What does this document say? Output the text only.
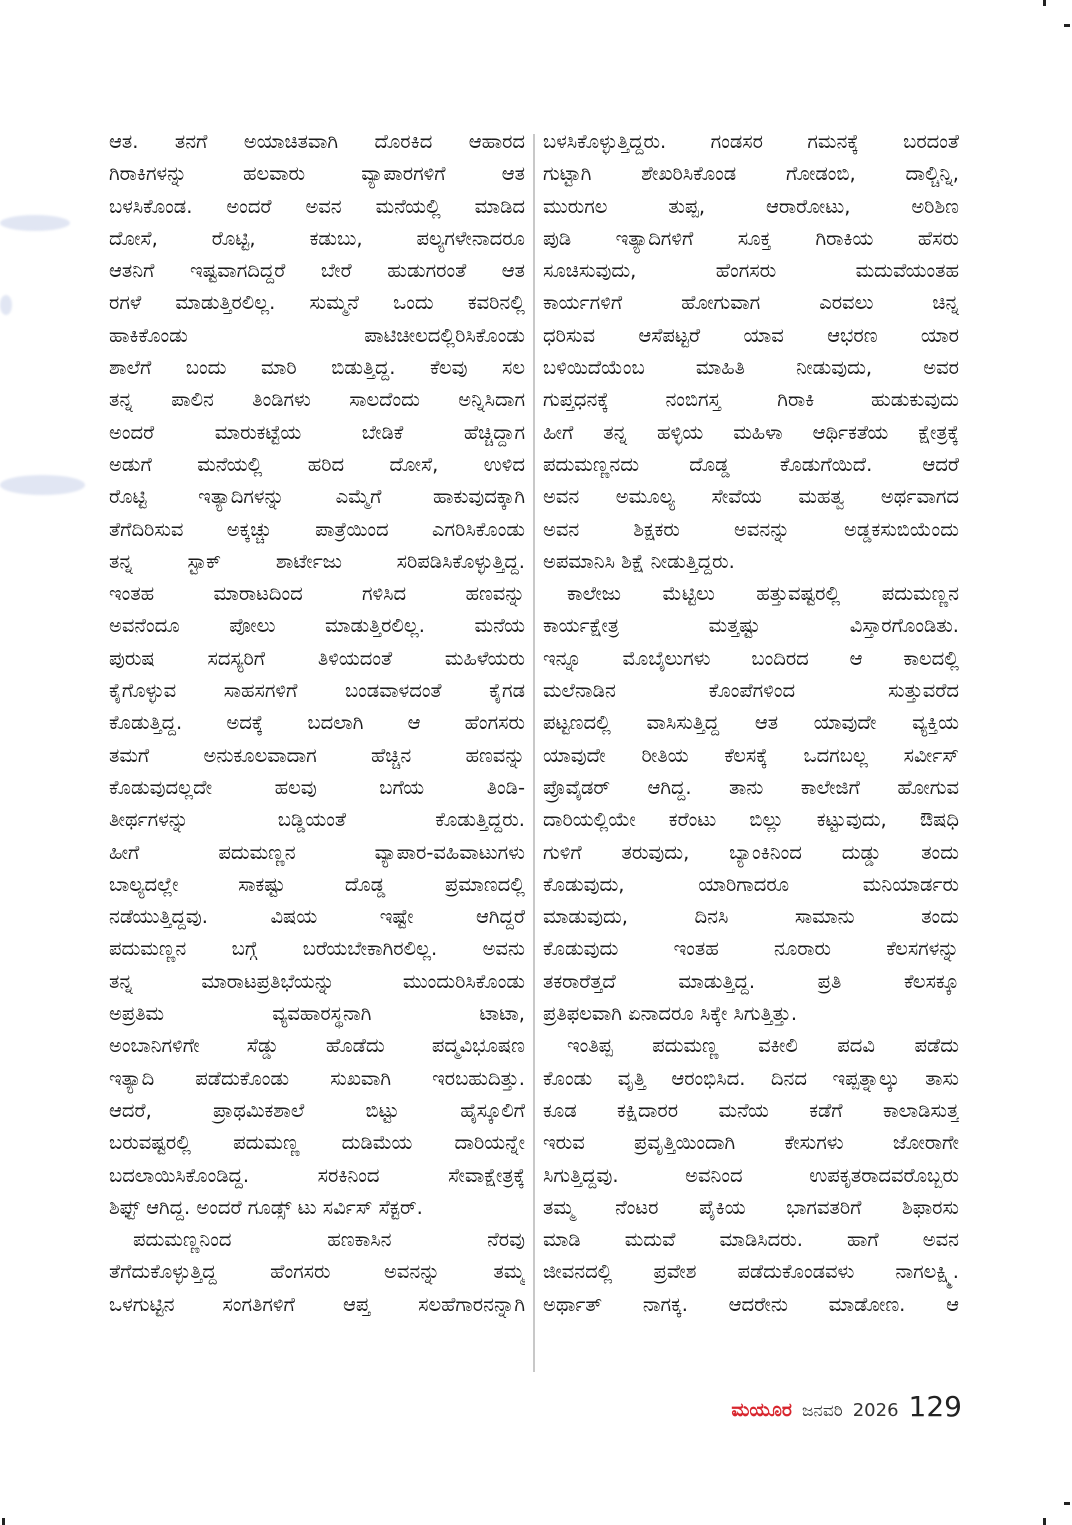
ಆತ. ತನಗೆ ಅಯಾಚಿತವಾಗಿ ದೊರಕಿದ ಆಹಾರದ
ಗಿರಾಕಿಗಳನ್ನು ಹಲವಾರು ವ್ಯಾಪಾರಗಳಿಗೆ ಆತ
ಬಳಸಿಕೊಂಡ. ಅಂದರೆ ಅವನ ಮನೆಯಲ್ಲಿ ಮಾಡಿದ
ದೋಸೆ, ರೊಟ್ಟಿ, ಕಡುಬು, ಪಲ್ಯಗಳೇನಾದರೂ
ಆತನಿಗೆ ಇಷ್ಟವಾಗದಿದ್ದರೆ ಬೇರೆ ಹುಡುಗರಂತೆ ಆತ
ರಗಳೆ ಮಾಡುತ್ತಿರಲಿಲ್ಲ. ಸುಮ್ಮನೆ ಒಂದು ಕವರಿನಲ್ಲಿ
ಹಾಕಿಕೊಂಡು ಪಾಟಿಚೀಲದಲ್ಲಿರಿಸಿಕೊಂಡು
ಶಾಲೆಗೆ ಬಂದು ಮಾರಿ ಬಿಡುತ್ತಿದ್ದ. ಕೆಲವು ಸಲ
ತನ್ನ ಪಾಲಿನ ತಿಂಡಿಗಳು ಸಾಲದೆಂದು ಅನ್ನಿಸಿದಾಗ
ಅಂದರೆ ಮಾರುಕಟ್ಟೆಯ ಬೇಡಿಕೆ ಹೆಚ್ಚಿದ್ದಾಗ
ಅಡುಗೆ ಮನೆಯಲ್ಲಿ ಹರಿದ ದೋಸೆ, ಉಳಿದ
ರೊಟ್ಟಿ ಇತ್ಯಾದಿಗಳನ್ನು ಎಮ್ಮೆಗೆ ಹಾಕುವುದಕ್ಕಾಗಿ
ತೆಗೆದಿರಿಸುವ ಅಕ್ಕಚ್ಚು ಪಾತ್ರೆಯಿಂದ ಎಗರಿಸಿಕೊಂಡು
ತನ್ನ ಸ್ಟಾಕ್ ಶಾರ್ಟೇಜು ಸರಿಪಡಿಸಿಕೊಳ್ಳುತ್ತಿದ್ದ.
ಇಂತಹ ಮಾರಾಟದಿಂದ ಗಳಿಸಿದ ಹಣವನ್ನು
ಅವನೆಂದೂ ಪೋಲು ಮಾಡುತ್ತಿರಲಿಲ್ಲ. ಮನೆಯ
ಪುರುಷ ಸದಸ್ಯರಿಗೆ ತಿಳಿಯದಂತೆ ಮಹಿಳೆಯರು
ಕೈಗೊಳ್ಳುವ ಸಾಹಸಗಳಿಗೆ ಬಂಡವಾಳದಂತೆ ಕೈಗಡ
ಕೊಡುತ್ತಿದ್ದ. ಅದಕ್ಕೆ ಬದಲಾಗಿ ಆ ಹೆಂಗಸರು
ತಮಗೆ ಅನುಕೂಲವಾದಾಗ ಹೆಚ್ಚಿನ ಹಣವನ್ನು
ಕೊಡುವುದಲ್ಲದೇ ಹಲವು ಬಗೆಯ ತಿಂಡಿ-
ತೀರ್ಥಗಳನ್ನು ಬಡ್ಡಿಯಂತೆ ಕೊಡುತ್ತಿದ್ದರು.
ಹೀಗೆ ಪದುಮಣ್ಣನ ವ್ಯಾಪಾರ-ವಹಿವಾಟುಗಳು
ಬಾಲ್ಯದಲ್ಲೇ ಸಾಕಷ್ಟು ದೊಡ್ಡ ಪ್ರಮಾಣದಲ್ಲಿ
ನಡೆಯುತ್ತಿದ್ದವು. ವಿಷಯ ಇಷ್ಟೇ ಆಗಿದ್ದರೆ
ಪದುಮಣ್ಣನ ಬಗ್ಗೆ ಬರೆಯಬೇಕಾಗಿರಲಿಲ್ಲ. ಅವನು
ತನ್ನ ಮಾರಾಟಪ್ರತಿಭೆಯನ್ನು ಮುಂದುರಿಸಿಕೊಂಡು
ಅಪ್ರತಿಮ ವ್ಯವಹಾರಸ್ಥನಾಗಿ ಟಾಟಾ,
ಅಂಬಾನಿಗಳಿಗೇ ಸೆಡ್ಡು ಹೊಡೆದು ಪದ್ಮವಿಭೂಷಣ
ಇತ್ಯಾದಿ ಪಡೆದುಕೊಂಡು ಸುಖವಾಗಿ ಇರಬಹುದಿತ್ತು.
ಆದರೆ, ಪ್ರಾಥಮಿಕಶಾಲೆ ಬಿಟ್ಟು ಹೈಸ್ಕೂಲಿಗೆ
ಬರುವಷ್ಟರಲ್ಲಿ ಪದುಮಣ್ಣ ದುಡಿಮೆಯ ದಾರಿಯನ್ನೇ
ಬದಲಾಯಿಸಿಕೊಂಡಿದ್ದ. ಸರಕಿನಿಂದ ಸೇವಾಕ್ಷೇತ್ರಕ್ಕೆ
ಶಿಫ್ಟ್ ಆಗಿದ್ದ. ಅಂದರೆ ಗೂಡ್ಸ್ ಟು ಸರ್ವಿಸ್ ಸೆಕ್ಟರ್.
ಪದುಮಣ್ಣನಿಂದ ಹಣಕಾಸಿನ ನೆರವು
ತೆಗೆದುಕೊಳ್ಳುತ್ತಿದ್ದ ಹೆಂಗಸರು ಅವನನ್ನು ತಮ್ಮ
ಒಳಗುಟ್ಟಿನ ಸಂಗತಿಗಳಿಗೆ ಆಪ್ತ ಸಲಹೆಗಾರನನ್ನಾಗಿ
ಬಳಸಿಕೊಳ್ಳುತ್ತಿದ್ದರು. ಗಂಡಸರ ಗಮನಕ್ಕೆ ಬರದಂತೆ
ಗುಟ್ಟಾಗಿ ಶೇಖರಿಸಿಕೊಂಡ ಗೋಡಂಬಿ, ದಾಲ್ಚಿನ್ನಿ,
ಮುರುಗಲ ತುಪ್ಪ, ಆರಾರೋಟು, ಅರಿಶಿಣ
ಪುಡಿ ಇತ್ಯಾದಿಗಳಿಗೆ ಸೂಕ್ತ ಗಿರಾಕಿಯ ಹೆಸರು
ಸೂಚಿಸುವುದು, ಹೆಂಗಸರು ಮದುವೆಯಂತಹ
ಕಾರ್ಯಗಳಿಗೆ ಹೋಗುವಾಗ ಎರವಲು ಚಿನ್ನ
ಧರಿಸುವ ಆಸೆಪಟ್ಟರೆ ಯಾವ ಆಭರಣ ಯಾರ
ಬಳಿಯಿದೆಯೆಂಬ ಮಾಹಿತಿ ನೀಡುವುದು, ಅವರ
ಗುಪ್ತಧನಕ್ಕೆ ನಂಬಿಗಸ್ತ ಗಿರಾಕಿ ಹುಡುಕುವುದು
ಹೀಗೆ ತನ್ನ ಹಳ್ಳಿಯ ಮಹಿಳಾ ಆರ್ಥಿಕತೆಯ ಕ್ಷೇತ್ರಕ್ಕೆ
ಪದುಮಣ್ಣನದು ದೊಡ್ಡ ಕೊಡುಗೆಯಿದೆ. ಆದರೆ
ಅವನ ಅಮೂಲ್ಯ ಸೇವೆಯ ಮಹತ್ವ ಅರ್ಥವಾಗದ
ಅವನ ಶಿಕ್ಷಕರು ಅವನನ್ನು ಅಡ್ಡಕಸುಬಿಯೆಂದು
ಅಪಮಾನಿಸಿ ಶಿಕ್ಷೆ ನೀಡುತ್ತಿದ್ದರು.
ಕಾಲೇಜು ಮೆಟ್ಟಿಲು ಹತ್ತುವಷ್ಟರಲ್ಲಿ ಪದುಮಣ್ಣನ
ಕಾರ್ಯಕ್ಷೇತ್ರ ಮತ್ತಷ್ಟು ವಿಸ್ತಾರಗೊಂಡಿತು.
ಇನ್ನೂ ಮೊಬೈಲುಗಳು ಬಂದಿರದ ಆ ಕಾಲದಲ್ಲಿ
ಮಲೆನಾಡಿನ ಕೊಂಪೆಗಳಿಂದ ಸುತ್ತುವರೆದ
ಪಟ್ಟಣದಲ್ಲಿ ವಾಸಿಸುತ್ತಿದ್ದ ಆತ ಯಾವುದೇ ವ್ಯಕ್ತಿಯ
ಯಾವುದೇ ರೀತಿಯ ಕೆಲಸಕ್ಕೆ ಒದಗಬಲ್ಲ ಸರ್ವೀಸ್
ಪ್ರೊವೈಡರ್ ಆಗಿದ್ದ. ತಾನು ಕಾಲೇಜಿಗೆ ಹೋಗುವ
ದಾರಿಯಲ್ಲಿಯೇ ಕರೆಂಟು ಬಿಲ್ಲು ಕಟ್ಟುವುದು, ಔಷಧಿ
ಗುಳಿಗೆ ತರುವುದು, ಬ್ಯಾಂಕಿನಿಂದ ದುಡ್ಡು ತಂದು
ಕೊಡುವುದು, ಯಾರಿಗಾದರೂ ಮನಿಯಾರ್ಡರು
ಮಾಡುವುದು, ದಿನಸಿ ಸಾಮಾನು ತಂದು
ಕೊಡುವುದು ಇಂತಹ ನೂರಾರು ಕೆಲಸಗಳನ್ನು
ತಕರಾರೆತ್ತದೆ ಮಾಡುತ್ತಿದ್ದ. ಪ್ರತಿ ಕೆಲಸಕ್ಕೂ
ಪ್ರತಿಫಲವಾಗಿ ಏನಾದರೂ ಸಿಕ್ಕೇ ಸಿಗುತ್ತಿತ್ತು.
ಇಂತಿಪ್ಪ ಪದುಮಣ್ಣ ವಕೀಲಿ ಪದವಿ ಪಡೆದು
ಕೊಂಡು ವೃತ್ತಿ ಆರಂಭಿಸಿದ. ದಿನದ ಇಪ್ಪತ್ನಾಲ್ಕು ತಾಸು
ಕೂಡ ಕಕ್ಷಿದಾರರ ಮನೆಯ ಕಡೆಗೆ ಕಾಲಾಡಿಸುತ್ತ
ಇರುವ ಪ್ರವೃತ್ತಿಯಿಂದಾಗಿ ಕೇಸುಗಳು ಜೋರಾಗೇ
ಸಿಗುತ್ತಿದ್ದವು. ಅವನಿಂದ ಉಪಕೃತರಾದವರೊಬ್ಬರು
ತಮ್ಮ ನೆಂಟರ ಪೈಕಿಯ ಭಾಗವತರಿಗೆ ಶಿಫಾರಸು
ಮಾಡಿ ಮದುವೆ ಮಾಡಿಸಿದರು. ಹಾಗೆ ಅವನ
ಜೀವನದಲ್ಲಿ ಪ್ರವೇಶ ಪಡೆದುಕೊಂಡವಳು ನಾಗಲಕ್ಷ್ಮಿ.
ಅರ್ಥಾತ್ ನಾಗಕ್ಕ. ಆದರೇನು ಮಾಡೋಣ. ಆ
ಮಯೂರ ಜನವರಿ 2026 129
